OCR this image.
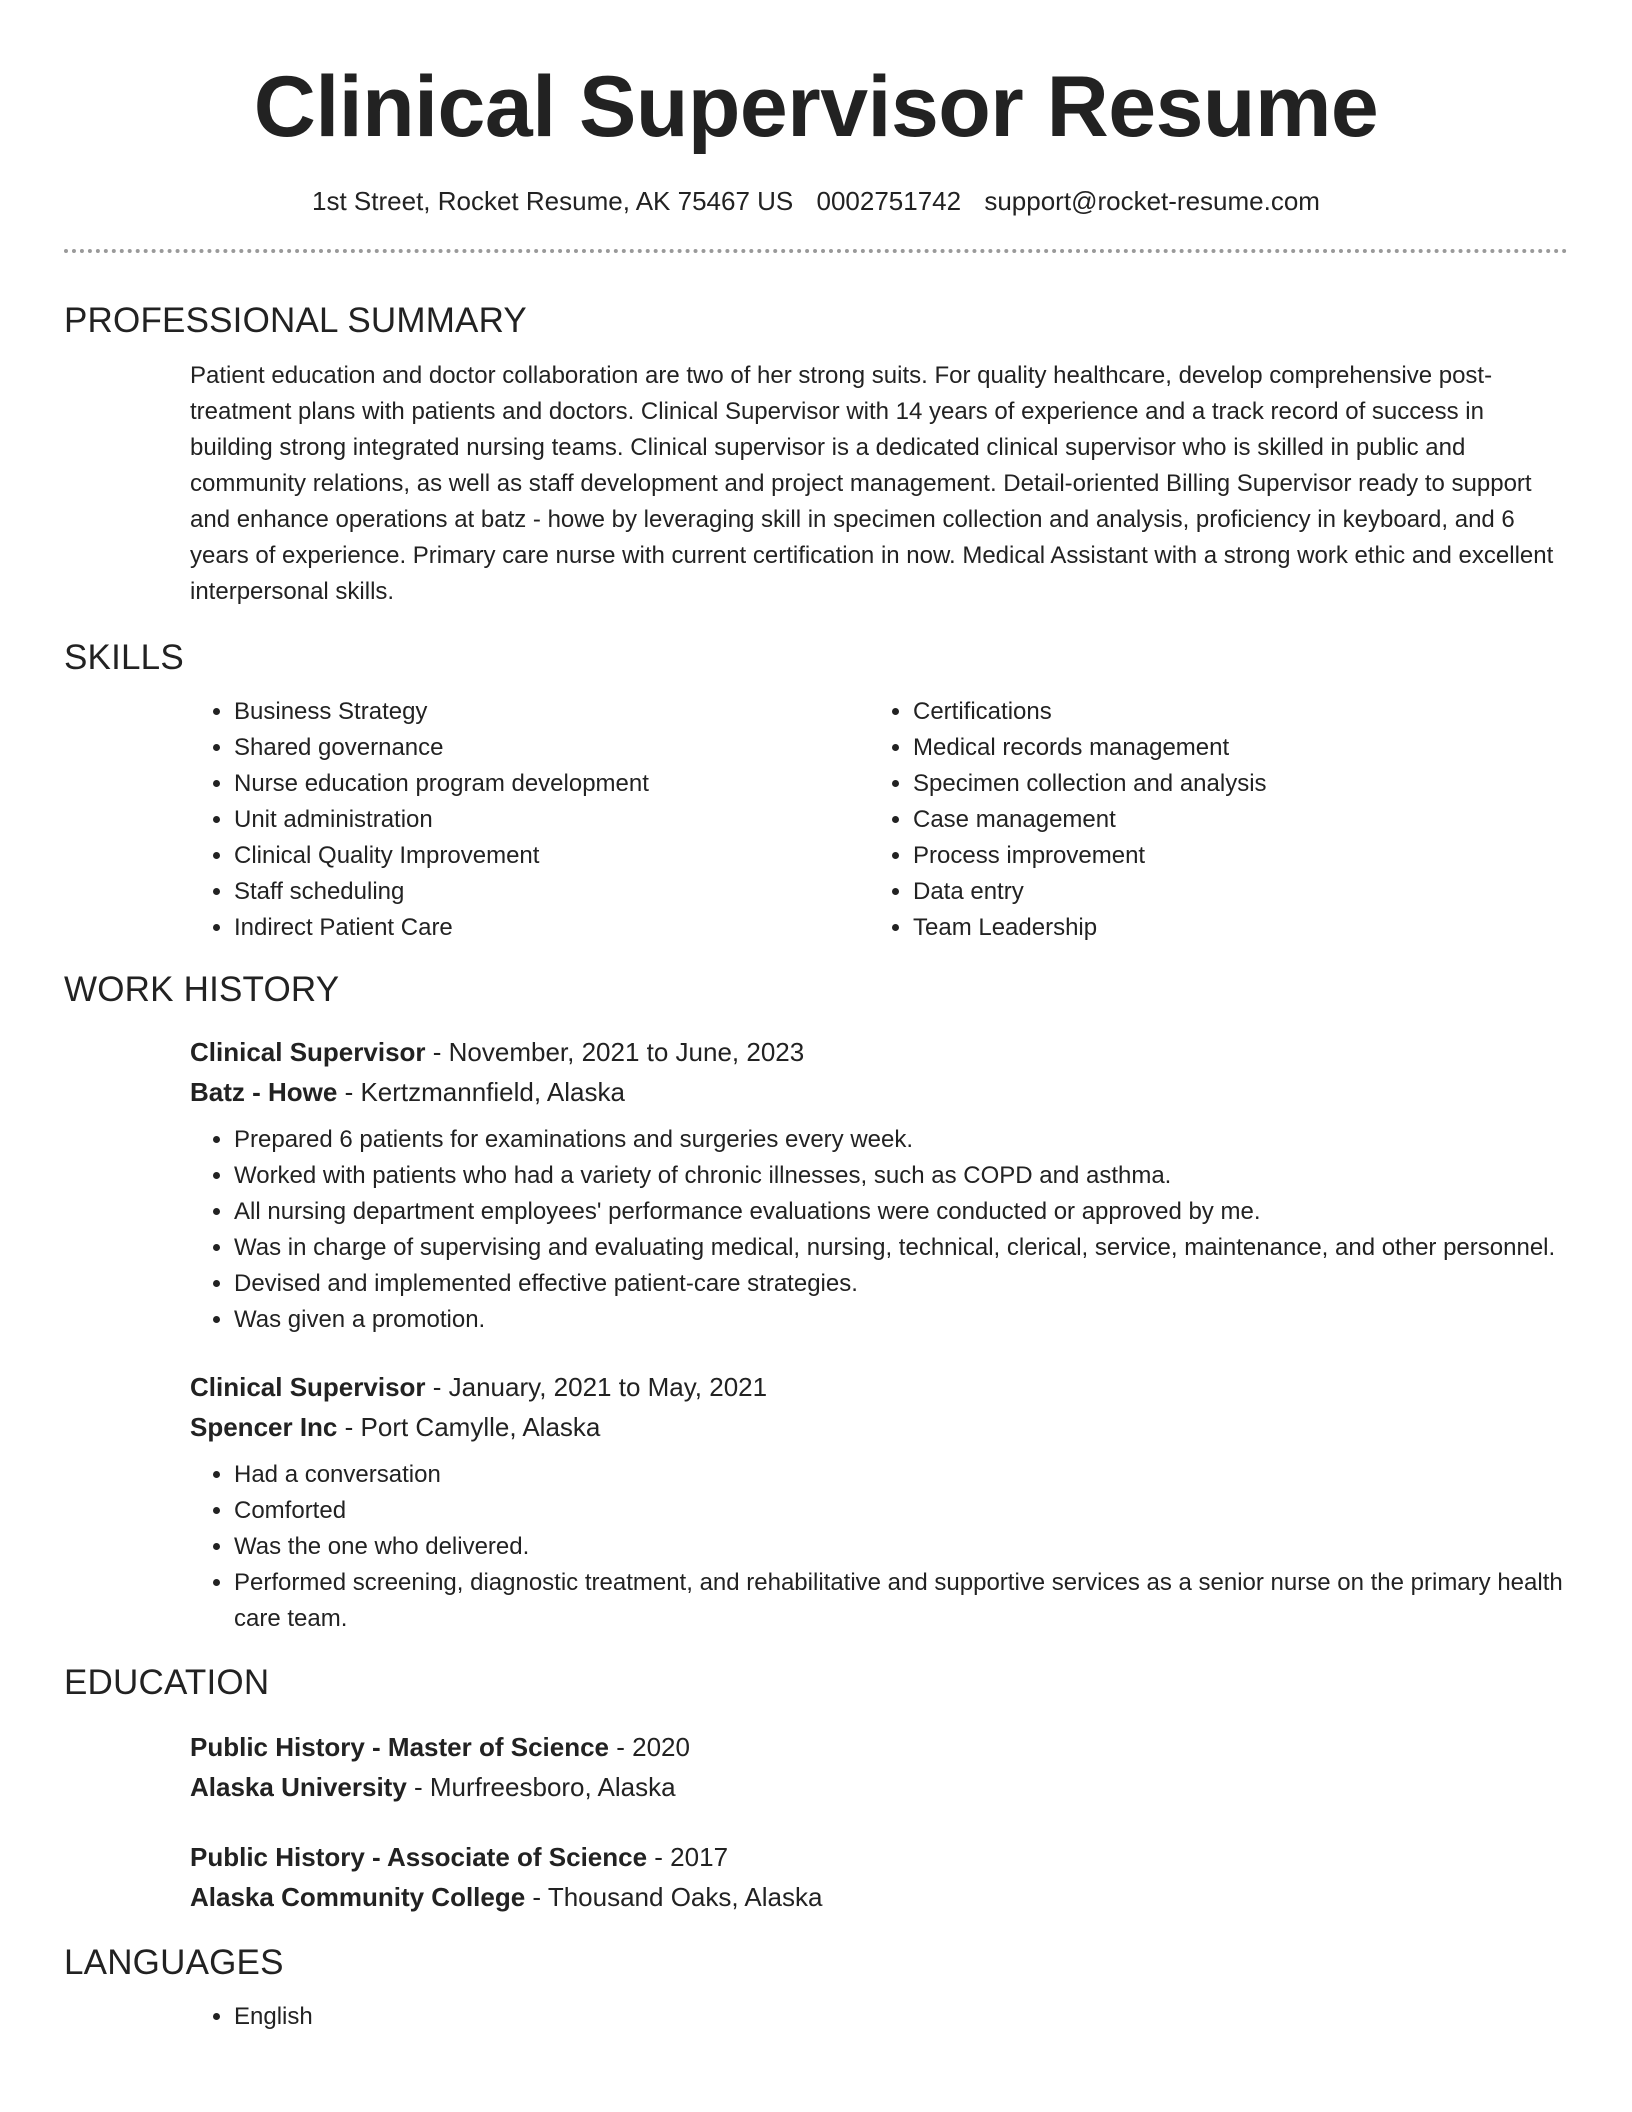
Clinical Supervisor Resume
1st Street, Rocket Resume, AK 75467 US 0002751742 support@rocket-resume.com
PROFESSIONAL SUMMARY
Patient education and doctor collaboration are two of her strong suits. For quality healthcare, develop comprehensive post-treatment plans with patients and doctors. Clinical Supervisor with 14 years of experience and a track record of success in building strong integrated nursing teams. Clinical supervisor is a dedicated clinical supervisor who is skilled in public and community relations, as well as staff development and project management. Detail-oriented Billing Supervisor ready to support and enhance operations at batz - howe by leveraging skill in specimen collection and analysis, proficiency in keyboard, and 6 years of experience. Primary care nurse with current certification in now. Medical Assistant with a strong work ethic and excellent interpersonal skills.
SKILLS
• Business Strategy
• Shared governance
• Nurse education program development
• Unit administration
• Clinical Quality Improvement
• Staff scheduling
• Indirect Patient Care
• Certifications
• Medical records management
• Specimen collection and analysis
• Case management
• Process improvement
• Data entry
• Team Leadership
WORK HISTORY
Clinical Supervisor - November, 2021 to June, 2023
Batz - Howe - Kertzmannfield, Alaska
• Prepared 6 patients for examinations and surgeries every week.
• Worked with patients who had a variety of chronic illnesses, such as COPD and asthma.
• All nursing department employees' performance evaluations were conducted or approved by me.
• Was in charge of supervising and evaluating medical, nursing, technical, clerical, service, maintenance, and other personnel.
• Devised and implemented effective patient-care strategies.
• Was given a promotion.
Clinical Supervisor - January, 2021 to May, 2021
Spencer Inc - Port Camylle, Alaska
• Had a conversation
• Comforted
• Was the one who delivered.
• Performed screening, diagnostic treatment, and rehabilitative and supportive services as a senior nurse on the primary health care team.
EDUCATION
Public History - Master of Science - 2020
Alaska University - Murfreesboro, Alaska
Public History - Associate of Science - 2017
Alaska Community College - Thousand Oaks, Alaska
LANGUAGES
• English
